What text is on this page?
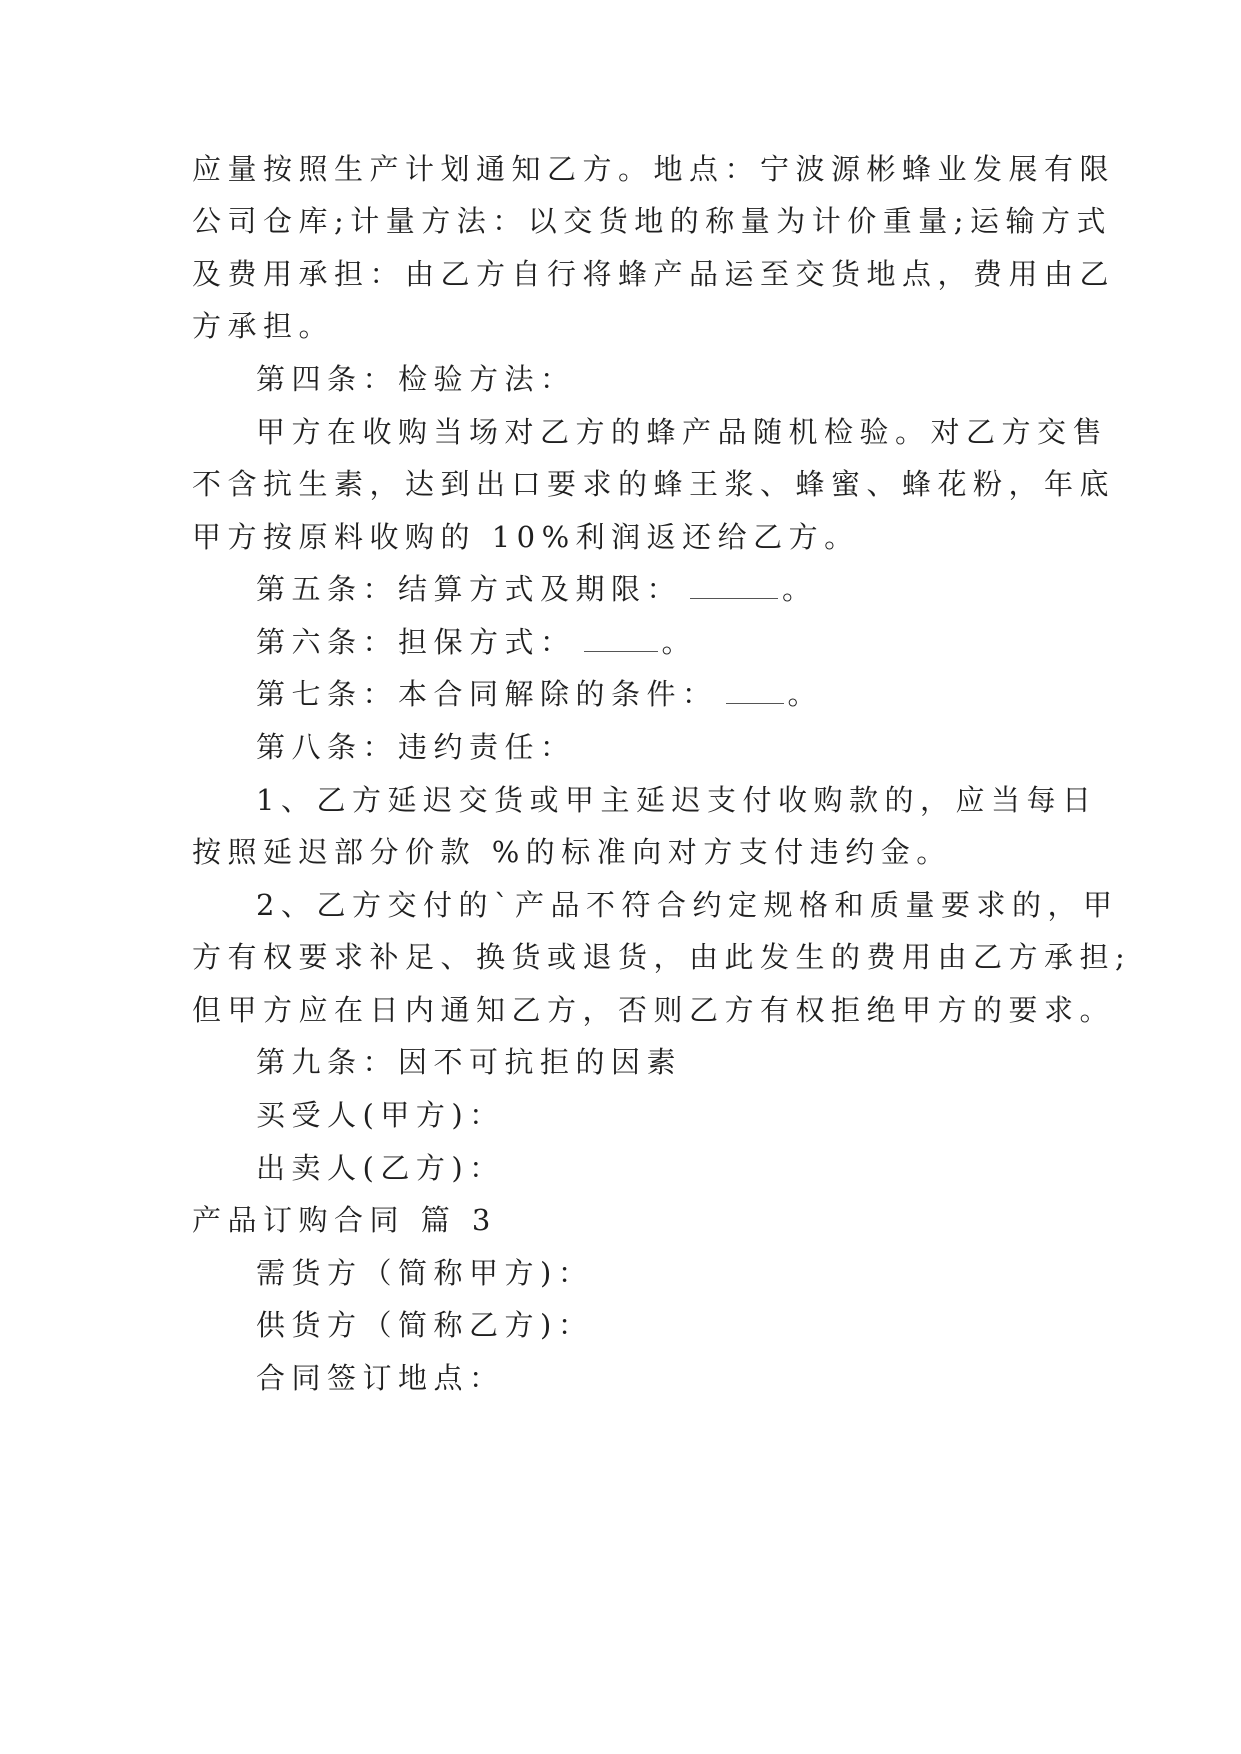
应量按照生产计划通知乙方。地点：宁波源彬蜂业发展有限

公司仓库;计量方法：以交货地的称量为计价重量;运输方式

及费用承担：由乙方自行将蜂产品运至交货地点，费用由乙

方承担。

第四条：检验方法：

甲方在收购当场对乙方的蜂产品随机检验。对乙方交售

不含抗生素，达到出口要求的蜂王浆、蜂蜜、蜂花粉，年底

甲方按原料收购的 10%利润返还给乙方。

第五条：结算方式及期限：	。

第六条：担保方式：	。

第七条：本合同解除的条件： 。

第八条：违约责任：

1、乙方延迟交货或甲主延迟支付收购款的，应当每日

按照延迟部分价款 %的标准向对方支付违约金。

2、乙方交付的`产品不符合约定规格和质量要求的，甲

方有权要求补足、换货或退货，由此发生的费用由乙方承担;

但甲方应在日内通知乙方，否则乙方有权拒绝甲方的要求。

第九条：因不可抗拒的因素

买受人(甲方)：

出卖人(乙方)：

产品订购合同 篇 3

需货方（简称甲方)：

供货方（简称乙方)：

合同签订地点：
